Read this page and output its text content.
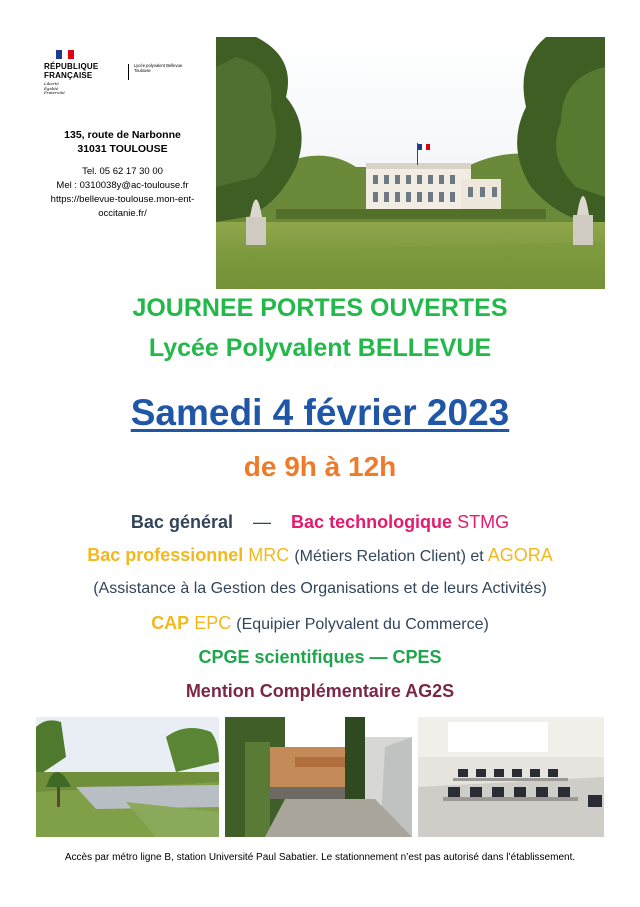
RÉPUBLIQUE
FRANÇAISE
Liberté
Égalité
Fraternité
Lycée polyvalent Bellevue
Toulouse
135, route de Narbonne
31031 TOULOUSE
Tel. 05 62 17 30 00
Mel : 0310038y@ac-toulouse.fr
https://bellevue-toulouse.mon-ent-
occitanie.fr/
JOURNEE PORTES OUVERTES
Lycée Polyvalent BELLEVUE
Samedi 4 février 2023
de 9h à 12h
Bac général — Bac technologique STMG
Bac professionnel MRC (Métiers Relation Client) et AGORA
(Assistance à la Gestion des Organisations et de leurs Activités)
CAP EPC (Equipier Polyvalent du Commerce)
CPGE scientifiques — CPES
Mention Complémentaire AG2S
Accès par métro ligne B, station Université Paul Sabatier. Le stationnement n’est pas autorisé dans l’établissement.
